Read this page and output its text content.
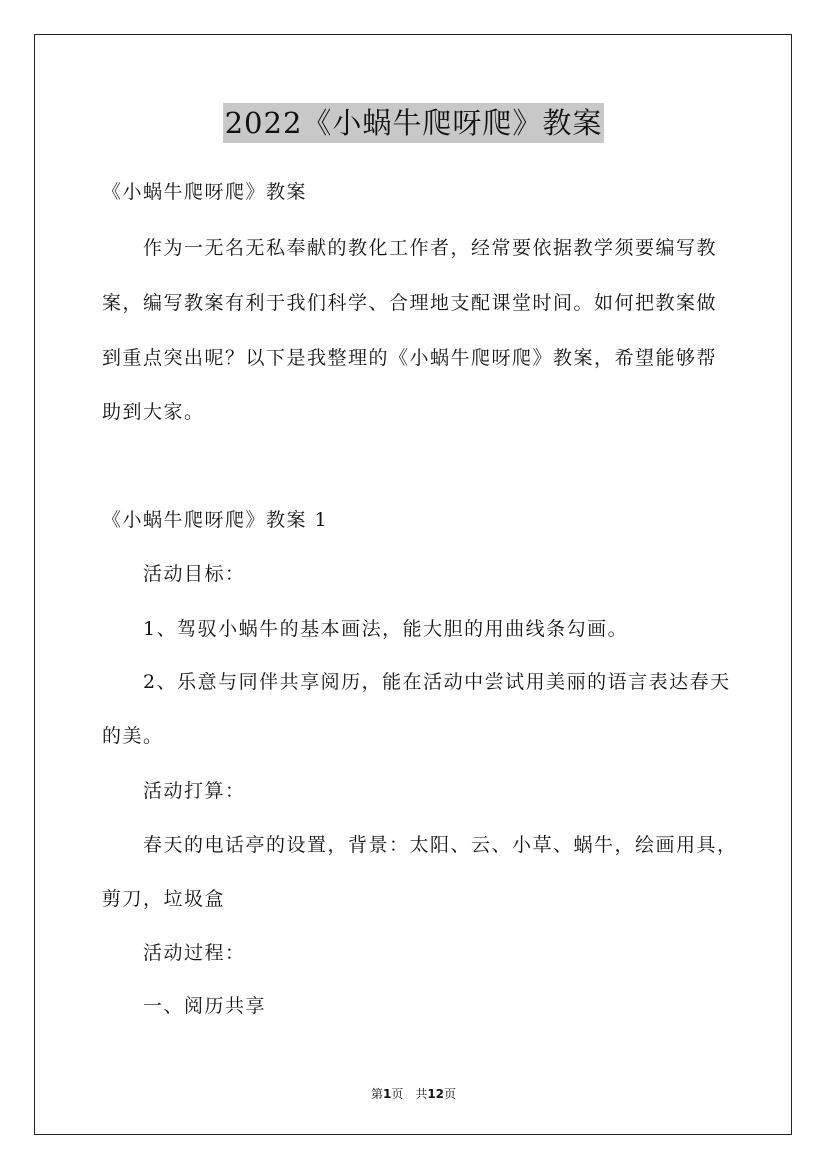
2022《小蜗牛爬呀爬》教案
《小蜗牛爬呀爬》教案
作为一无名无私奉献的教化工作者，经常要依据教学须要编写教
案，编写教案有利于我们科学、合理地支配课堂时间。如何把教案做
到重点突出呢？以下是我整理的《小蜗牛爬呀爬》教案，希望能够帮
助到大家。
《小蜗牛爬呀爬》教案 1
活动目标：
1、驾驭小蜗牛的基本画法，能大胆的用曲线条勾画。
2、乐意与同伴共享阅历，能在活动中尝试用美丽的语言表达春天
的美。
活动打算：
春天的电话亭的设置，背景：太阳、云、小草、蜗牛，绘画用具，
剪刀，垃圾盒
活动过程：
一、阅历共享
第1页　共12页
